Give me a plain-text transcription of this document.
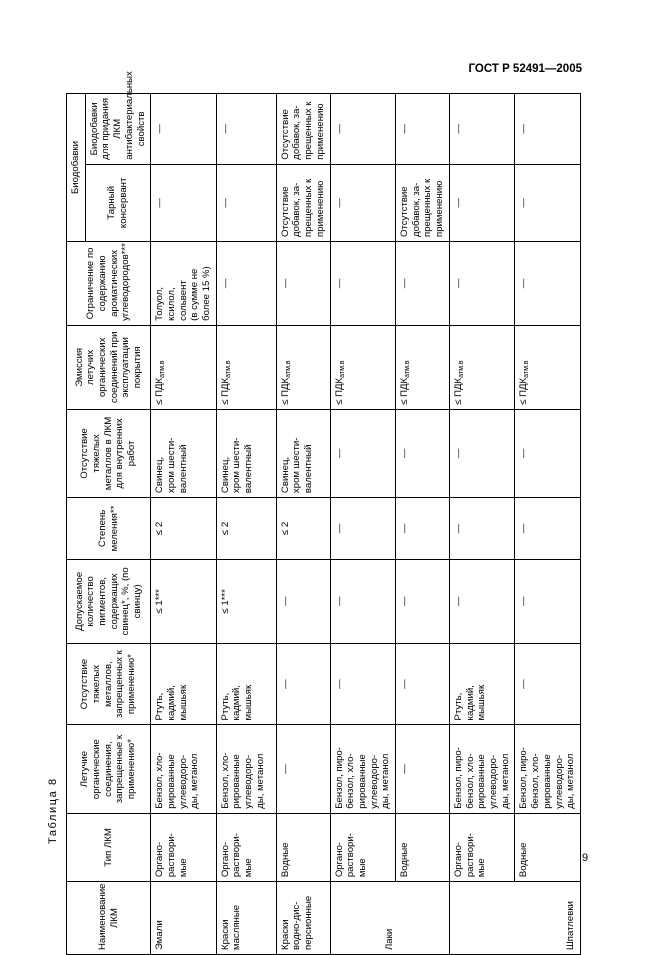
ГОСТ Р 52491—2005
Таблица 8
Наименование ЛКМ	Тип ЛКМ	Летучие органические соединения, запрещенные к применению*	Отсутствие тяжелых металлов, запрещенных к применению*	Допускаемое количество пигментов, содержащих свинец*, %, (по свинцу)	Степень меления**	Отсутствие тяжелых металлов в ЛКМ для внутренних работ	Эмиссия летучих органических соединений при эксплуатации покрытия	Ограничение по содержанию ароматических углеводородов***	Биодобавки	
									Тарный консервант	Биодобавки для придания ЛКМ антибактериальных свойств

Эмали	Органо-
раствори-
мые	Бензол, хло-
рированные
углеводоро-
ды, метанол	Ртуть,
кадмий,
мышьяк	≤ 1***	≤ 2	Свинец,
хром шести-
валентный	≤ $ПДК_{атм.в}$	Толуол,
ксилол,
сольвент
(в сумме не
более 15 %)	—	—

Краски
масляные	Органо-
раствори-
мые	Бензол, хло-
рированные
углеводоро-
ды, метанол	Ртуть,
кадмий,
мышьяк	≤ 1***	≤ 2	Свинец,
хром шести-
валентный	≤ $ПДК_{атм.в}$	—	—	—

Краски
водно-дис-
персионные	Водные	—	—	—	≤ 2	Свинец,
хром шести-
валентный	≤ $ПДК_{атм.в}$	—	Отсутствие
добавок, за-
прещенных к
применению	Отсутствие
добавок, за-
прещенных к
применению

Лаки	Органо-
раствори-
мые	Бензол, пиро-
бензол, хло-
рированные
углеводоро-
ды, метанол	—	—	—	—	≤ $ПДК_{атм.в}$	—	—	—

	Водные	—	—	—	—	—	≤ $ПДК_{атм.в}$	—	Отсутствие
добавок, за-
прещенных к
применению	—

Шпатлевки	Органо-
раствори-
мые	Бензол, пиро-
бензол, хло-
рированные
углеводоро-
ды, метанол	Ртуть,
кадмий,
мышьяк	—	—	—	≤ $ПДК_{атм.в}$	—	—	—

	Водные	Бензол, пиро-
бензол, хло-
рированные
углеводоро-
ды, метанол	—	—	—	—	≤ $ПДК_{атм.в}$	—	—	—
9
